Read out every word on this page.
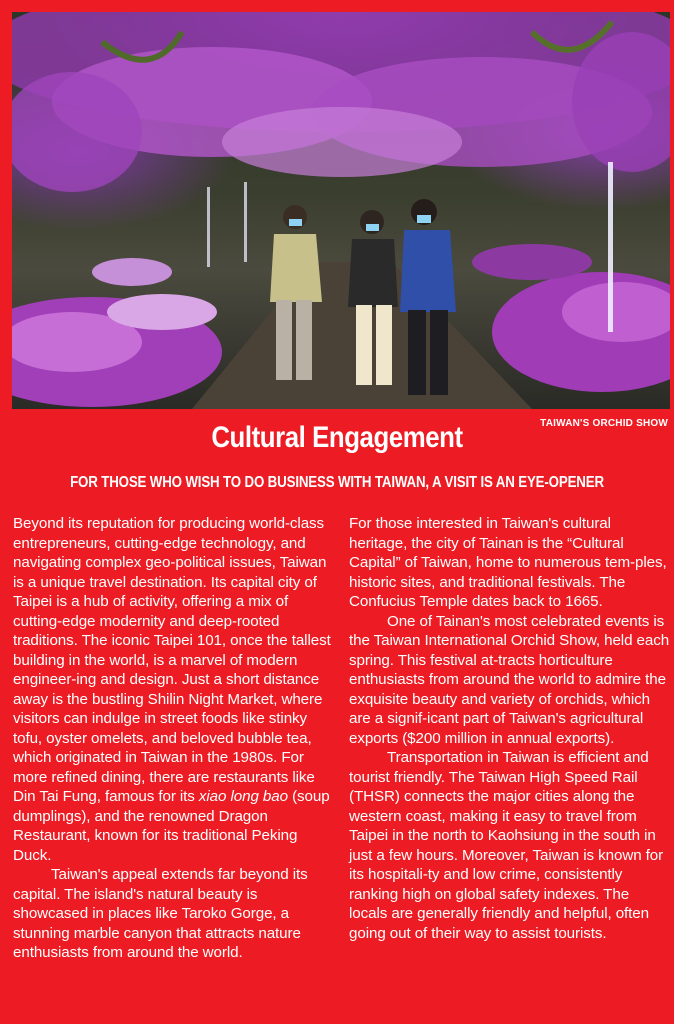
TAIWAN'S ORCHID SHOW
Cultural Engagement
FOR THOSE WHO WISH TO DO BUSINESS WITH TAIWAN, A VISIT IS AN EYE-OPENER

Beyond its reputation for producing world-class entrepreneurs, cutting-edge technology, and navigating complex geo-political issues, Taiwan is a unique travel destination. Its capital city of Taipei is a hub of activity, offering a mix of cutting-edge modernity and deep-rooted traditions. The iconic Taipei 101, once the tallest building in the world, is a marvel of modern engineer-ing and design. Just a short distance away is the bustling Shilin Night Market, where visitors can indulge in street foods like stinky tofu, oyster omelets, and beloved bubble tea, which originated in Taiwan in the 1980s. For more refined dining, there are restaurants like Din Tai Fung, famous for its xiao long bao (soup dumplings), and the renowned Dragon Restaurant, known for its traditional Peking Duck.

Taiwan's appeal extends far beyond its capital. The island's natural beauty is showcased in places like Taroko Gorge, a stunning marble canyon that attracts nature enthusiasts from around the world.

For those interested in Taiwan's cultural heritage, the city of Tainan is the “Cultural Capital” of Taiwan, home to numerous tem-ples, historic sites, and traditional festivals. The Confucius Temple dates back to 1665.

One of Tainan's most celebrated events is the Taiwan International Orchid Show, held each spring. This festival at-tracts horticulture enthusiasts from around the world to admire the exquisite beauty and variety of orchids, which are a signif-icant part of Taiwan's agricultural exports ($200 million in annual exports).

Transportation in Taiwan is efficient and tourist friendly. The Taiwan High Speed Rail (THSR) connects the major cities along the western coast, making it easy to travel from Taipei in the north to Kaohsiung in the south in just a few hours. Moreover, Taiwan is known for its hospitali-ty and low crime, consistently ranking high on global safety indexes. The locals are generally friendly and helpful, often going out of their way to assist tourists.
